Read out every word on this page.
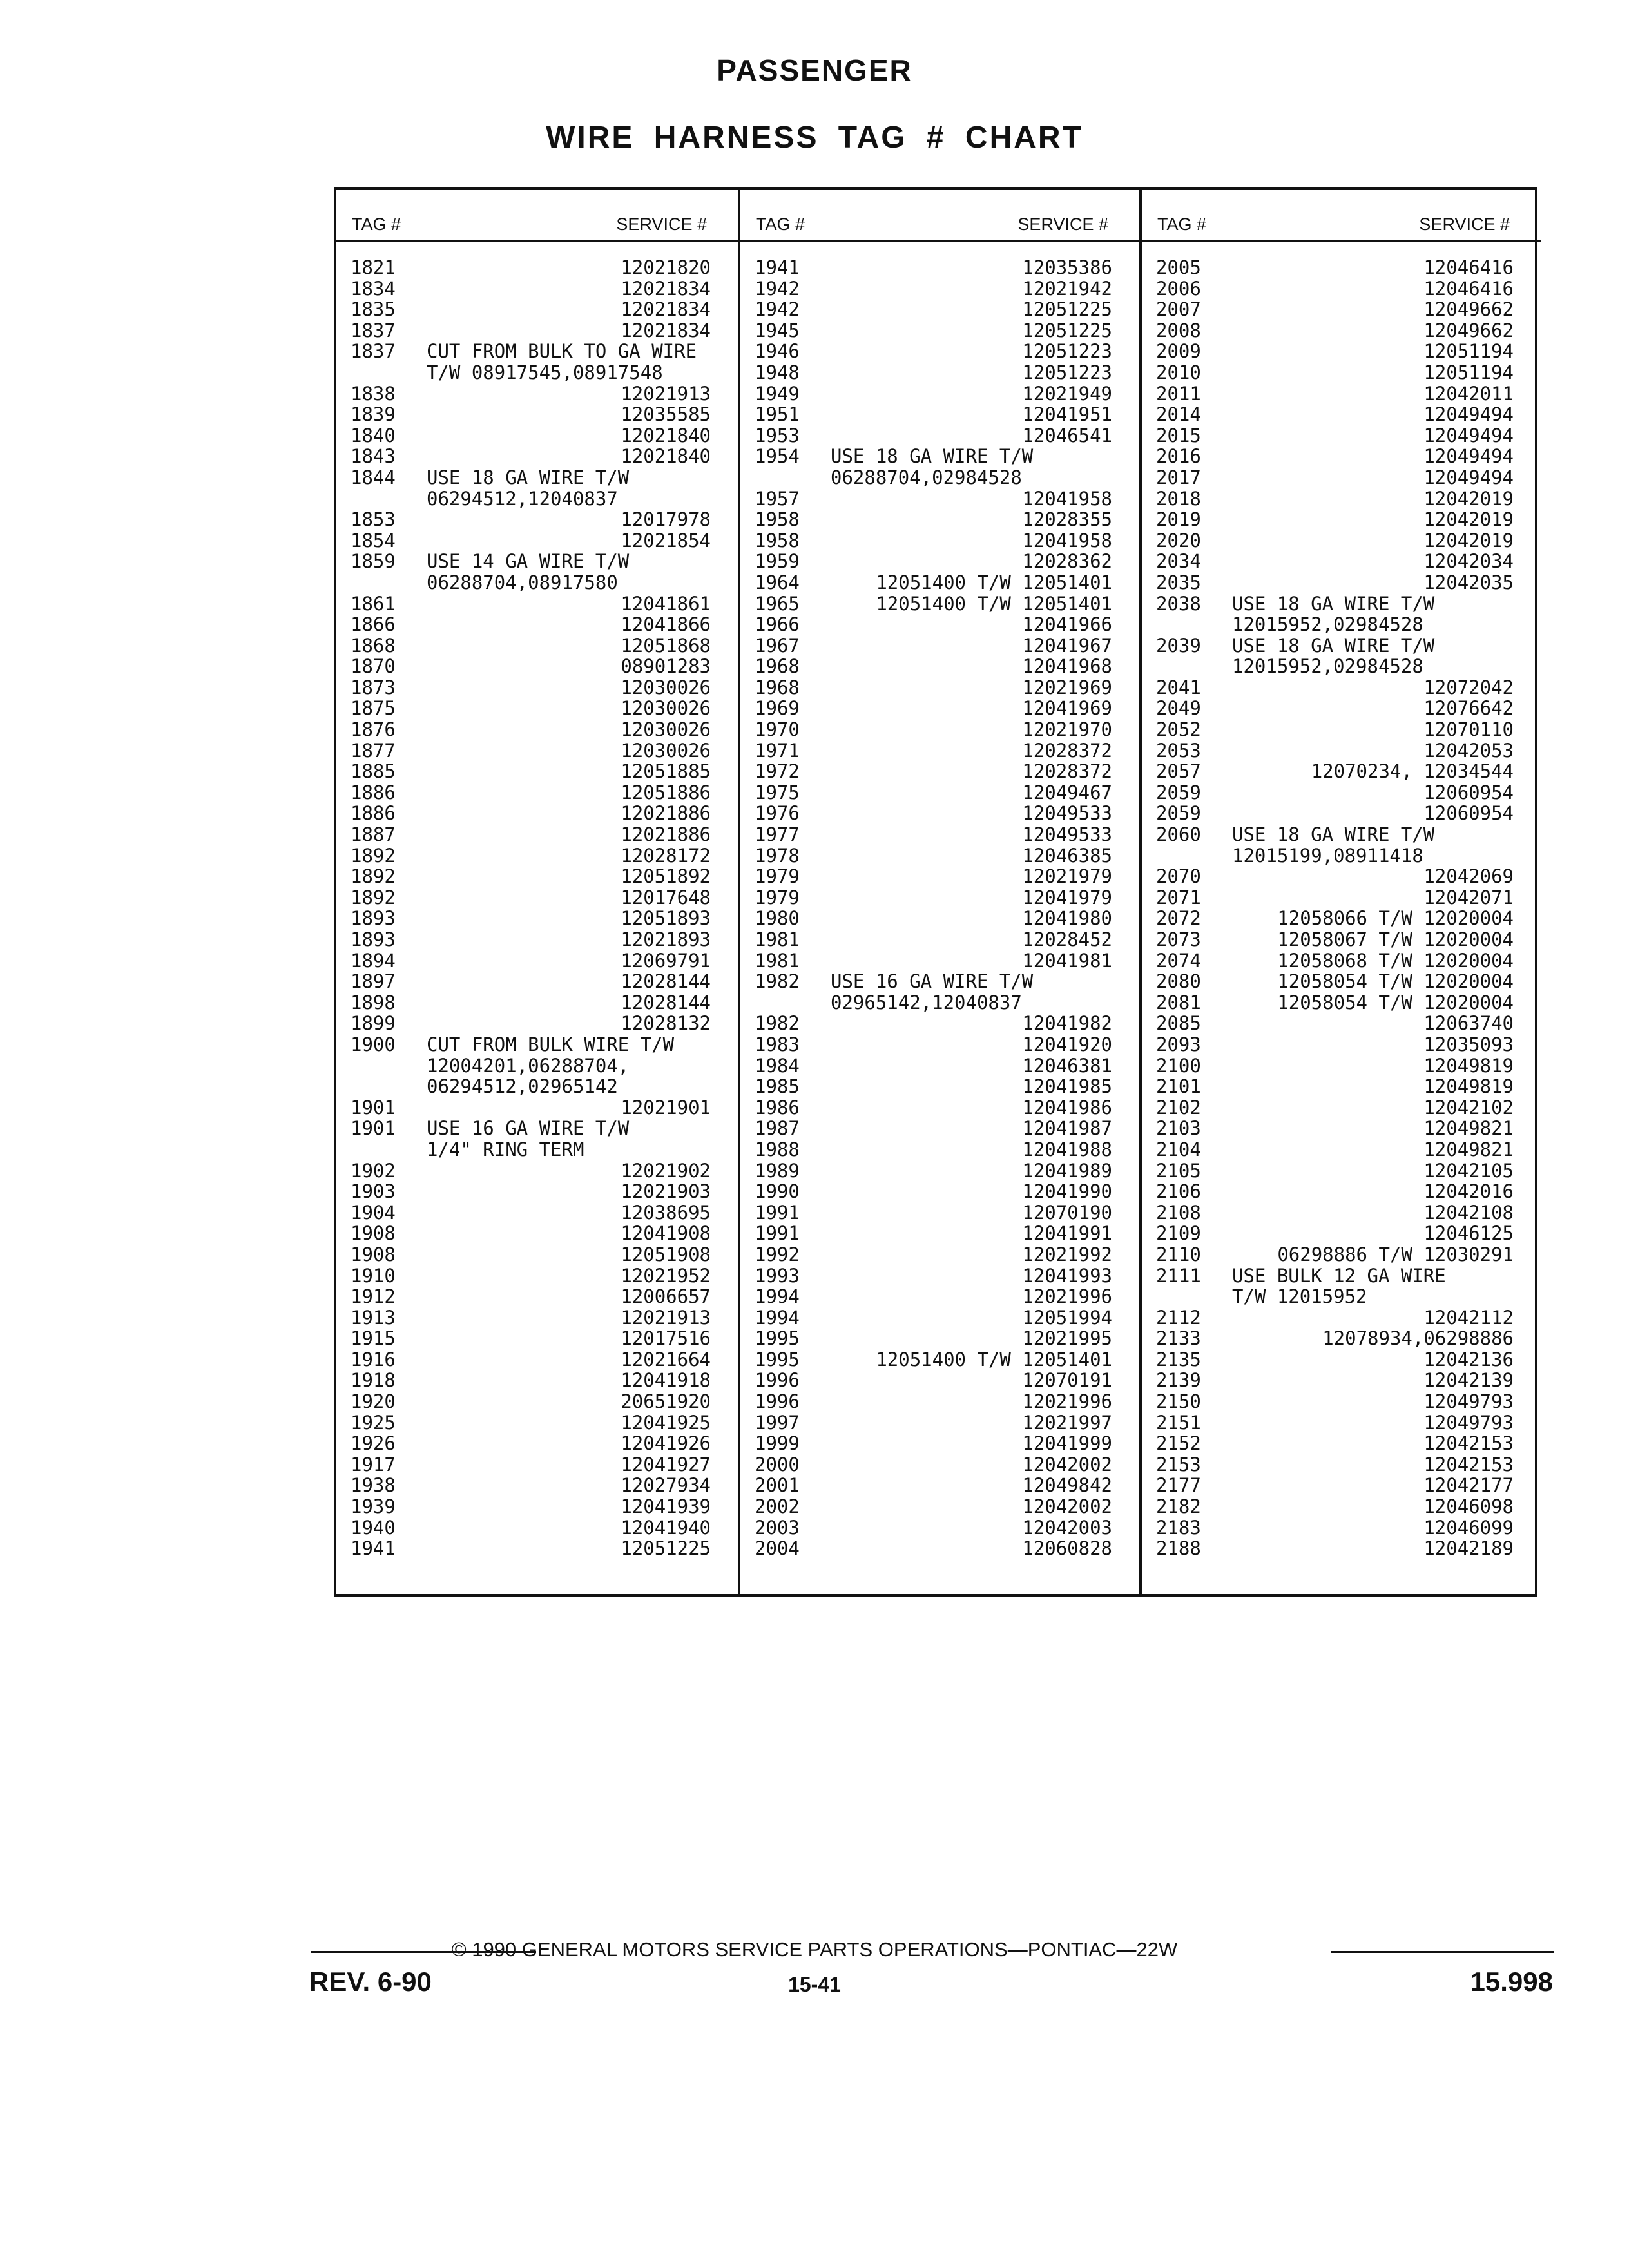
PASSENGER
WIRE HARNESS TAG # CHART
TAG #	SERVICE #
1821	12021820
1834	12021834
1835	12021834
1837	12021834
1837 CUT FROM BULK TO GA WIRE
T/W 08917545,08917548
1838	12021913
1839	12035585
1840	12021840
1843	12021840
1844 USE 18 GA WIRE T/W
06294512,12040837
1853	12017978
1854	12021854
1859 USE 14 GA WIRE T/W
06288704,08917580
1861	12041861
1866	12041866
1868	12051868
1870	08901283
1873	12030026
1875	12030026
1876	12030026
1877	12030026
1885	12051885
1886	12051886
1886	12021886
1887	12021886
1892	12028172
1892	12051892
1892	12017648
1893	12051893
1893	12021893
1894	12069791
1897	12028144
1898	12028144
1899	12028132
1900 CUT FROM BULK WIRE T/W
12004201,06288704,
06294512,02965142
1901	12021901
1901 USE 16 GA WIRE T/W
1/4" RING TERM
1902	12021902
1903	12021903
1904	12038695
1908	12041908
1908	12051908
1910	12021952
1912	12006657
1913	12021913
1915	12017516
1916	12021664
1918	12041918
1920	20651920
1925	12041925
1926	12041926
1917	12041927
1938	12027934
1939	12041939
1940	12041940
1941	12051225
TAG #	SERVICE #
1941	12035386
1942	12021942
1942	12051225
1945	12051225
1946	12051223
1948	12051223
1949	12021949
1951	12041951
1953	12046541
1954 USE 18 GA WIRE T/W
06288704,02984528
1957	12041958
1958	12028355
1958	12041958
1959	12028362
1964	12051400 T/W 12051401
1965	12051400 T/W 12051401
1966	12041966
1967	12041967
1968	12041968
1968	12021969
1969	12041969
1970	12021970
1971	12028372
1972	12028372
1975	12049467
1976	12049533
1977	12049533
1978	12046385
1979	12021979
1979	12041979
1980	12041980
1981	12028452
1981	12041981
1982 USE 16 GA WIRE T/W
02965142,12040837
1982	12041982
1983	12041920
1984	12046381
1985	12041985
1986	12041986
1987	12041987
1988	12041988
1989	12041989
1990	12041990
1991	12070190
1991	12041991
1992	12021992
1993	12041993
1994	12021996
1994	12051994
1995	12021995
1995	12051400 T/W 12051401
1996	12070191
1996	12021996
1997	12021997
1999	12041999
2000	12042002
2001	12049842
2002	12042002
2003	12042003
2004	12060828
TAG #	SERVICE #
2005	12046416
2006	12046416
2007	12049662
2008	12049662
2009	12051194
2010	12051194
2011	12042011
2014	12049494
2015	12049494
2016	12049494
2017	12049494
2018	12042019
2019	12042019
2020	12042019
2034	12042034
2035	12042035
2038 USE 18 GA WIRE T/W
12015952,02984528
2039 USE 18 GA WIRE T/W
12015952,02984528
2041	12072042
2049	12076642
2052	12070110
2053	12042053
2057	12070234, 12034544
2059	12060954
2059	12060954
2060 USE 18 GA WIRE T/W
12015199,08911418
2070	12042069
2071	12042071
2072	12058066 T/W 12020004
2073	12058067 T/W 12020004
2074	12058068 T/W 12020004
2080	12058054 T/W 12020004
2081	12058054 T/W 12020004
2085	12063740
2093	12035093
2100	12049819
2101	12049819
2102	12042102
2103	12049821
2104	12049821
2105	12042105
2106	12042016
2108	12042108
2109	12046125
2110	06298886 T/W 12030291
2111 USE BULK 12 GA WIRE
T/W 12015952
2112	12042112
2133	12078934,06298886
2135	12042136
2139	12042139
2150	12049793
2151	12049793
2152	12042153
2153	12042153
2177	12042177
2182	12046098
2183	12046099
2188	12042189
© 1990 GENERAL MOTORS SERVICE PARTS OPERATIONS—PONTIAC—22W
REV. 6-90	15-41	15.998
